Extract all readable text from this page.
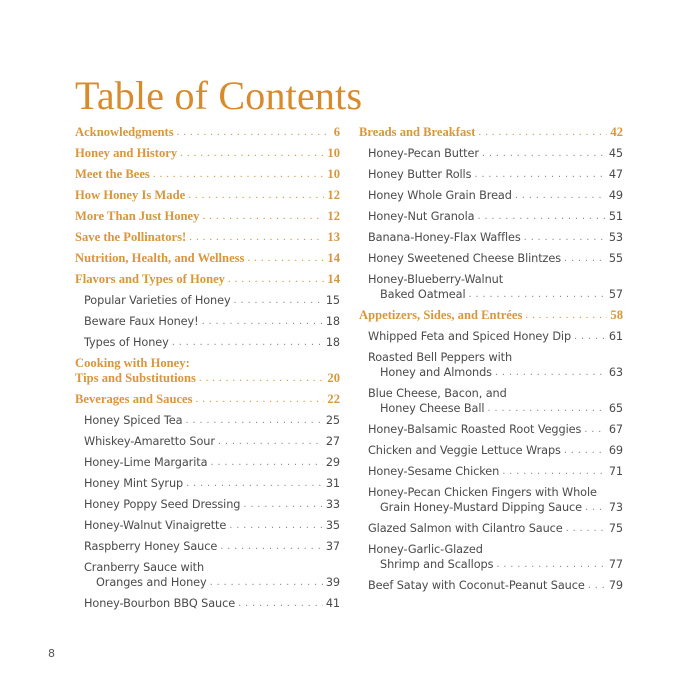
Table of Contents
Acknowledgments . . .	6
Honey and History . . .	10
Meet the Bees . . .	10
How Honey Is Made . . .	12
More Than Just Honey . . .	12
Save the Pollinators! . . .	13
Nutrition, Health, and Wellness . . .	14
Flavors and Types of Honey . . .	14
Popular Varieties of Honey . . .	15
Beware Faux Honey! . . .	18
Types of Honey . . .	18
Cooking with Honey:
Tips and Substitutions . . .	20
Beverages and Sauces . . .	22
Honey Spiced Tea . . .	25
Whiskey-Amaretto Sour . . .	27
Honey-Lime Margarita . . .	29
Honey Mint Syrup . . .	31
Honey Poppy Seed Dressing . . .	33
Honey-Walnut Vinaigrette . . .	35
Raspberry Honey Sauce . . .	37
Cranberry Sauce with
Oranges and Honey . . .	39
Honey-Bourbon BBQ Sauce . . .	41
Breads and Breakfast . . .	42
Honey-Pecan Butter . . .	45
Honey Butter Rolls . . .	47
Honey Whole Grain Bread . . .	49
Honey-Nut Granola . . .	51
Banana-Honey-Flax Waffles . . .	53
Honey Sweetened Cheese Blintzes . . .	55
Honey-Blueberry-Walnut
Baked Oatmeal . . .	57
Appetizers, Sides, and Entrées . . .	58
Whipped Feta and Spiced Honey Dip . . .	61
Roasted Bell Peppers with
Honey and Almonds . . .	63
Blue Cheese, Bacon, and
Honey Cheese Ball . . .	65
Honey-Balsamic Roasted Root Veggies . . . 67
Chicken and Veggie Lettuce Wraps . . .	69
Honey-Sesame Chicken . . .	71
Honey-Pecan Chicken Fingers with Whole
Grain Honey-Mustard Dipping Sauce . . . 73
Glazed Salmon with Cilantro Sauce . . .	75
Honey-Garlic-Glazed
Shrimp and Scallops . . .	77
Beef Satay with Coconut-Peanut Sauce . . . 79
8
